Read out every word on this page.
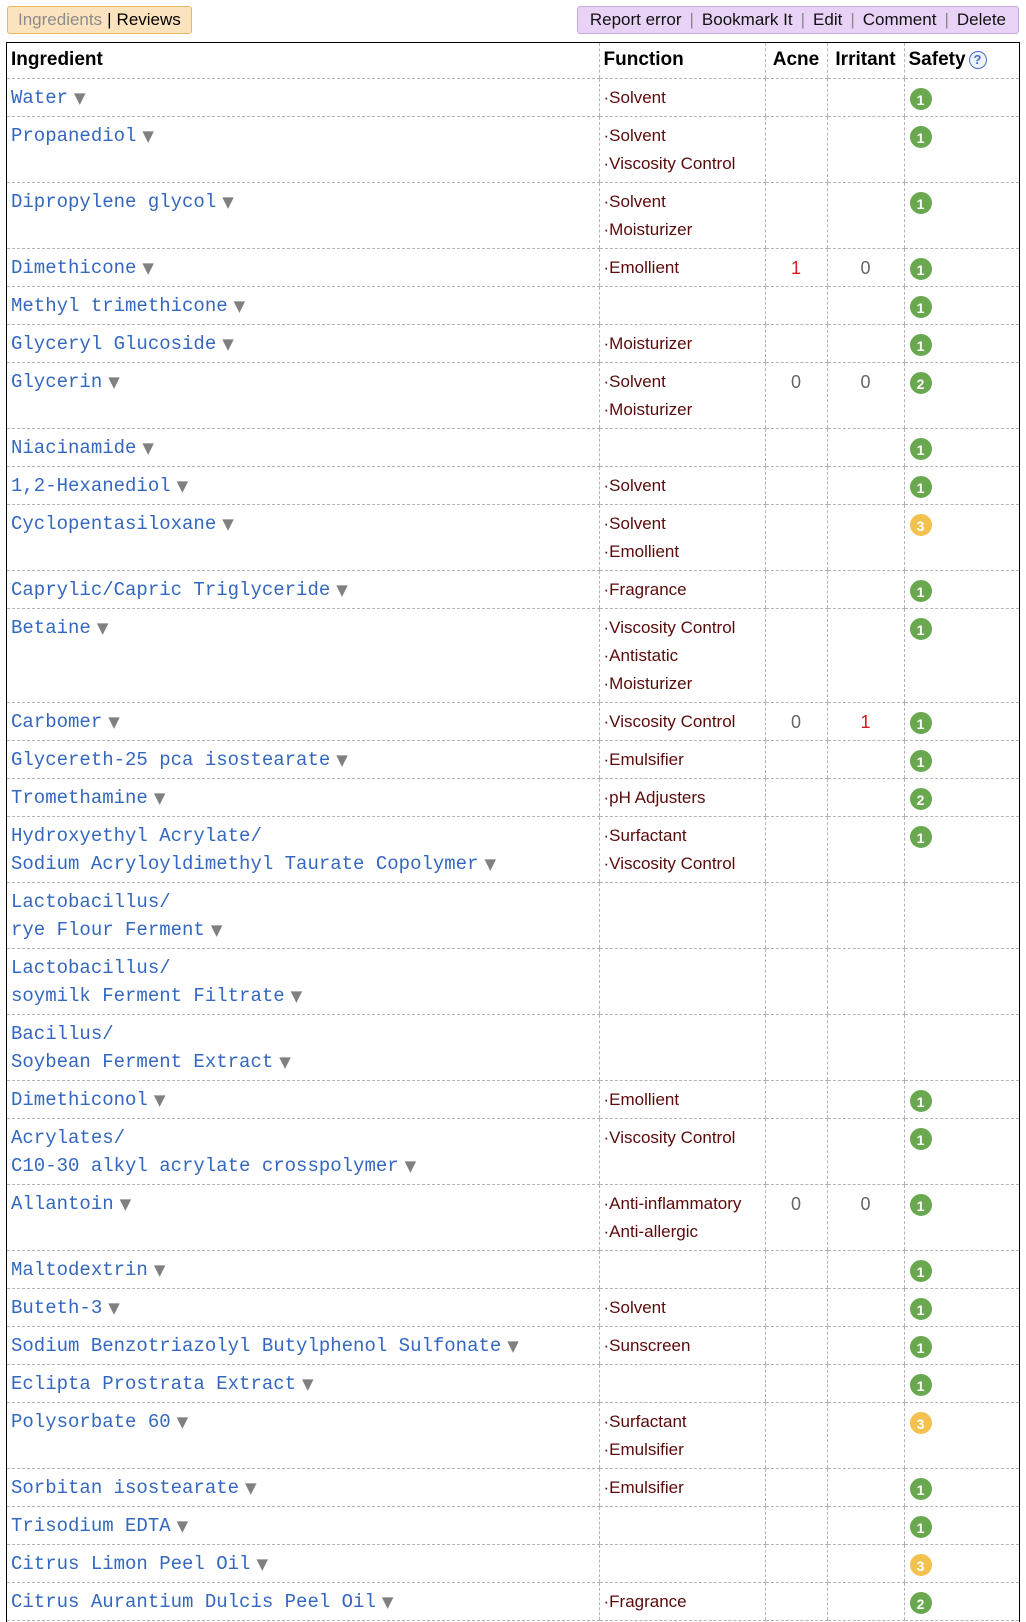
Ingredients | Reviews	Report error | Bookmark It | Edit | Comment | Delete
Ingredient	Function	Acne	Irritant	Safety ?

Water ▼	·Solvent			1

Propanediol ▼	·Solvent
·Viscosity Control			1

Dipropylene glycol ▼	·Solvent
·Moisturizer			1

Dimethicone ▼	·Emollient	1	0	1

Methyl trimethicone ▼				1

Glyceryl Glucoside ▼	·Moisturizer			1

Glycerin ▼	·Solvent
·Moisturizer	0	0	2

Niacinamide ▼				1

1,2-Hexanediol ▼	·Solvent			1

Cyclopentasiloxane ▼	·Solvent
·Emollient			3

Caprylic/Capric Triglyceride ▼	·Fragrance			1

Betaine ▼	·Viscosity Control
·Antistatic
·Moisturizer			1

Carbomer ▼	·Viscosity Control	0	1	1

Glycereth-25 pca isostearate ▼	·Emulsifier			1

Tromethamine ▼	·pH Adjusters			2

Hydroxyethyl Acrylate/
Sodium Acryloyldimethyl Taurate Copolymer ▼	·Surfactant
·Viscosity Control			1

Lactobacillus/
rye Flour Ferment ▼				

Lactobacillus/
soymilk Ferment Filtrate ▼				

Bacillus/
Soybean Ferment Extract ▼				

Dimethiconol ▼	·Emollient			1

Acrylates/
C10-30 alkyl acrylate crosspolymer ▼	·Viscosity Control			1

Allantoin ▼	·Anti-inflammatory
·Anti-allergic	0	0	1

Maltodextrin ▼				1

Buteth-3 ▼	·Solvent			1

Sodium Benzotriazolyl Butylphenol Sulfonate ▼	·Sunscreen			1

Eclipta Prostrata Extract ▼				1

Polysorbate 60 ▼	·Surfactant
·Emulsifier			3

Sorbitan isostearate ▼	·Emulsifier			1

Trisodium EDTA ▼				1

Citrus Limon Peel Oil ▼				3

Citrus Aurantium Dulcis Peel Oil ▼	·Fragrance			2
